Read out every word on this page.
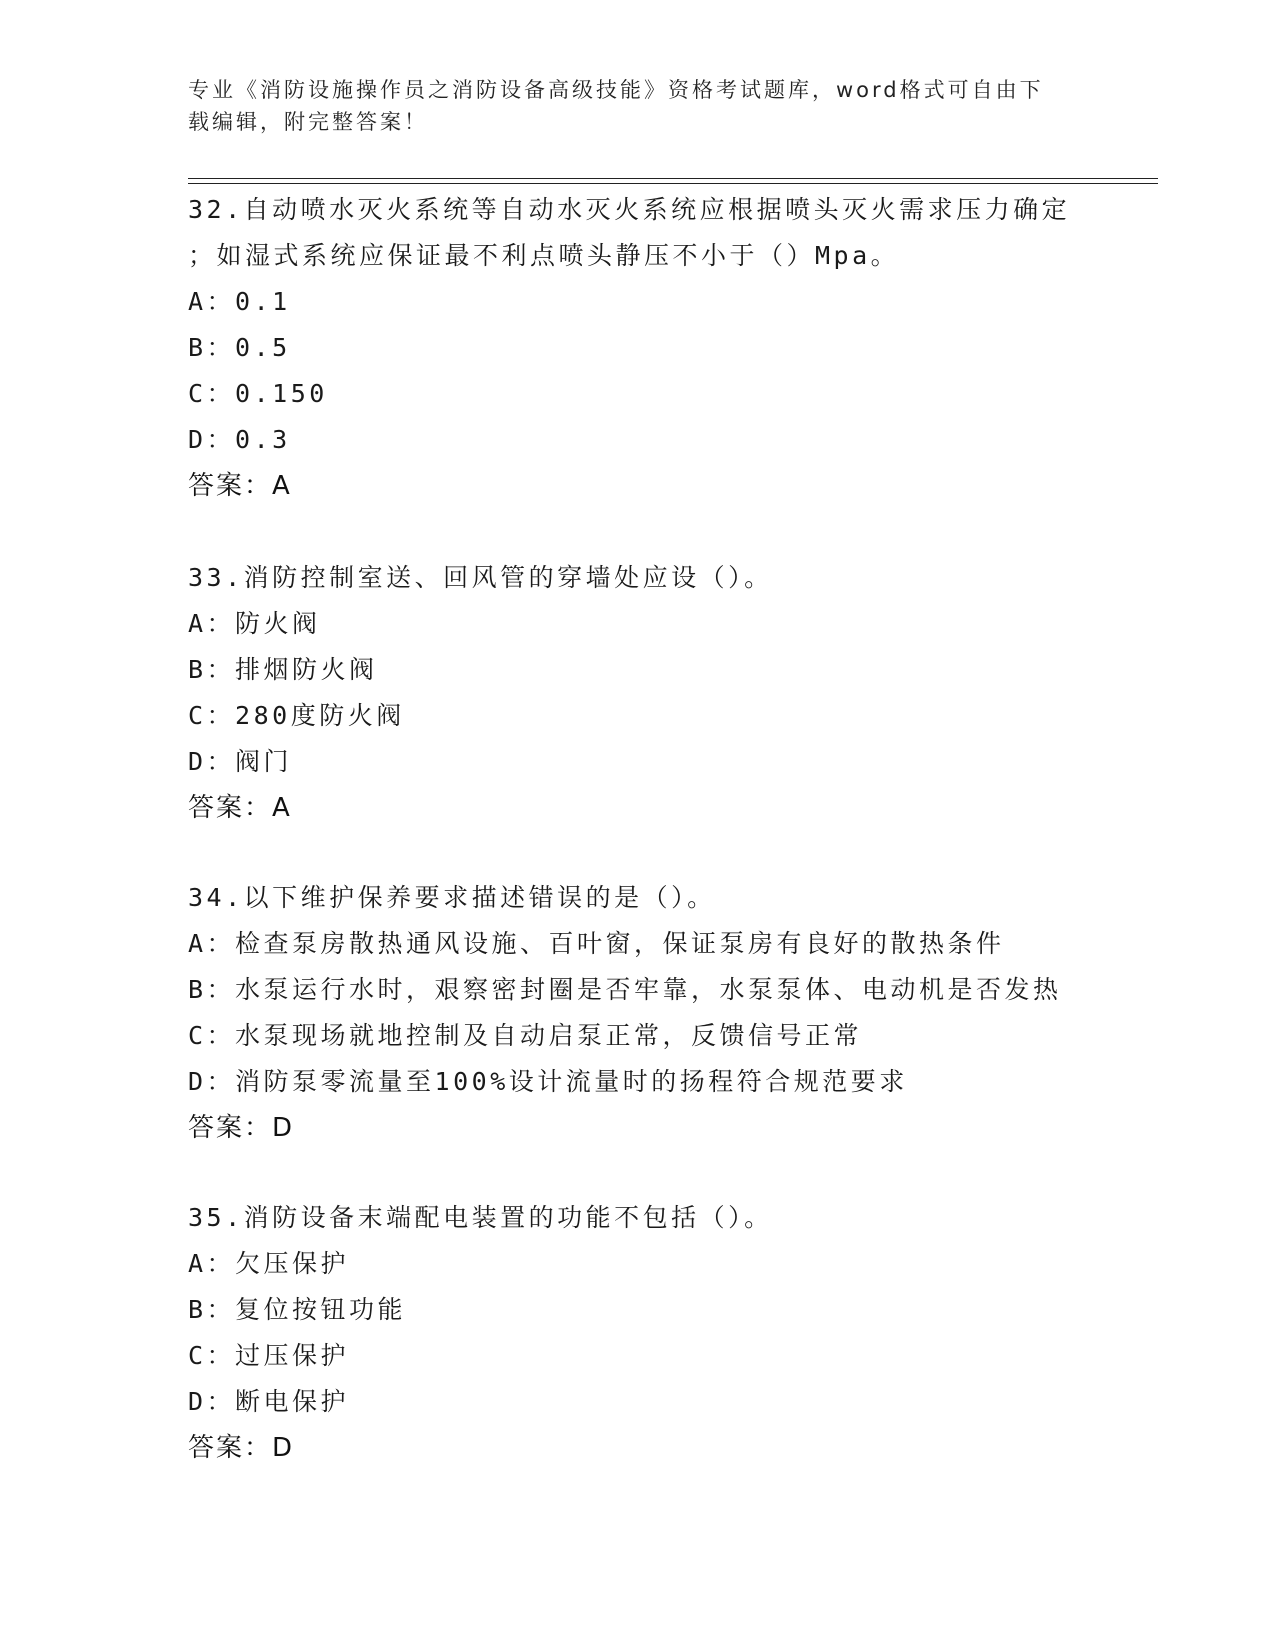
专业《消防设施操作员之消防设备高级技能》资格考试题库，word格式可自由下
载编辑，附完整答案！
32.自动喷水灭火系统等自动水灭火系统应根据喷头灭火需求压力确定
；如湿式系统应保证最不利点喷头静压不小于（）Mpa。
A：0.1
B：0.5
C：0.150
D：0.3
答案：A
33.消防控制室送、回风管的穿墙处应设（）。
A：防火阀
B：排烟防火阀
C：280度防火阀
D：阀门
答案：A
34.以下维护保养要求描述错误的是（）。
A：检查泵房散热通风设施、百叶窗，保证泵房有良好的散热条件
B：水泵运行水时，艰察密封圈是否牢靠，水泵泵体、电动机是否发热
C：水泵现场就地控制及自动启泵正常，反馈信号正常
D：消防泵零流量至100%设计流量时的扬程符合规范要求
答案：D
35.消防设备末端配电装置的功能不包括（）。
A：欠压保护
B：复位按钮功能
C：过压保护
D：断电保护
答案：D
